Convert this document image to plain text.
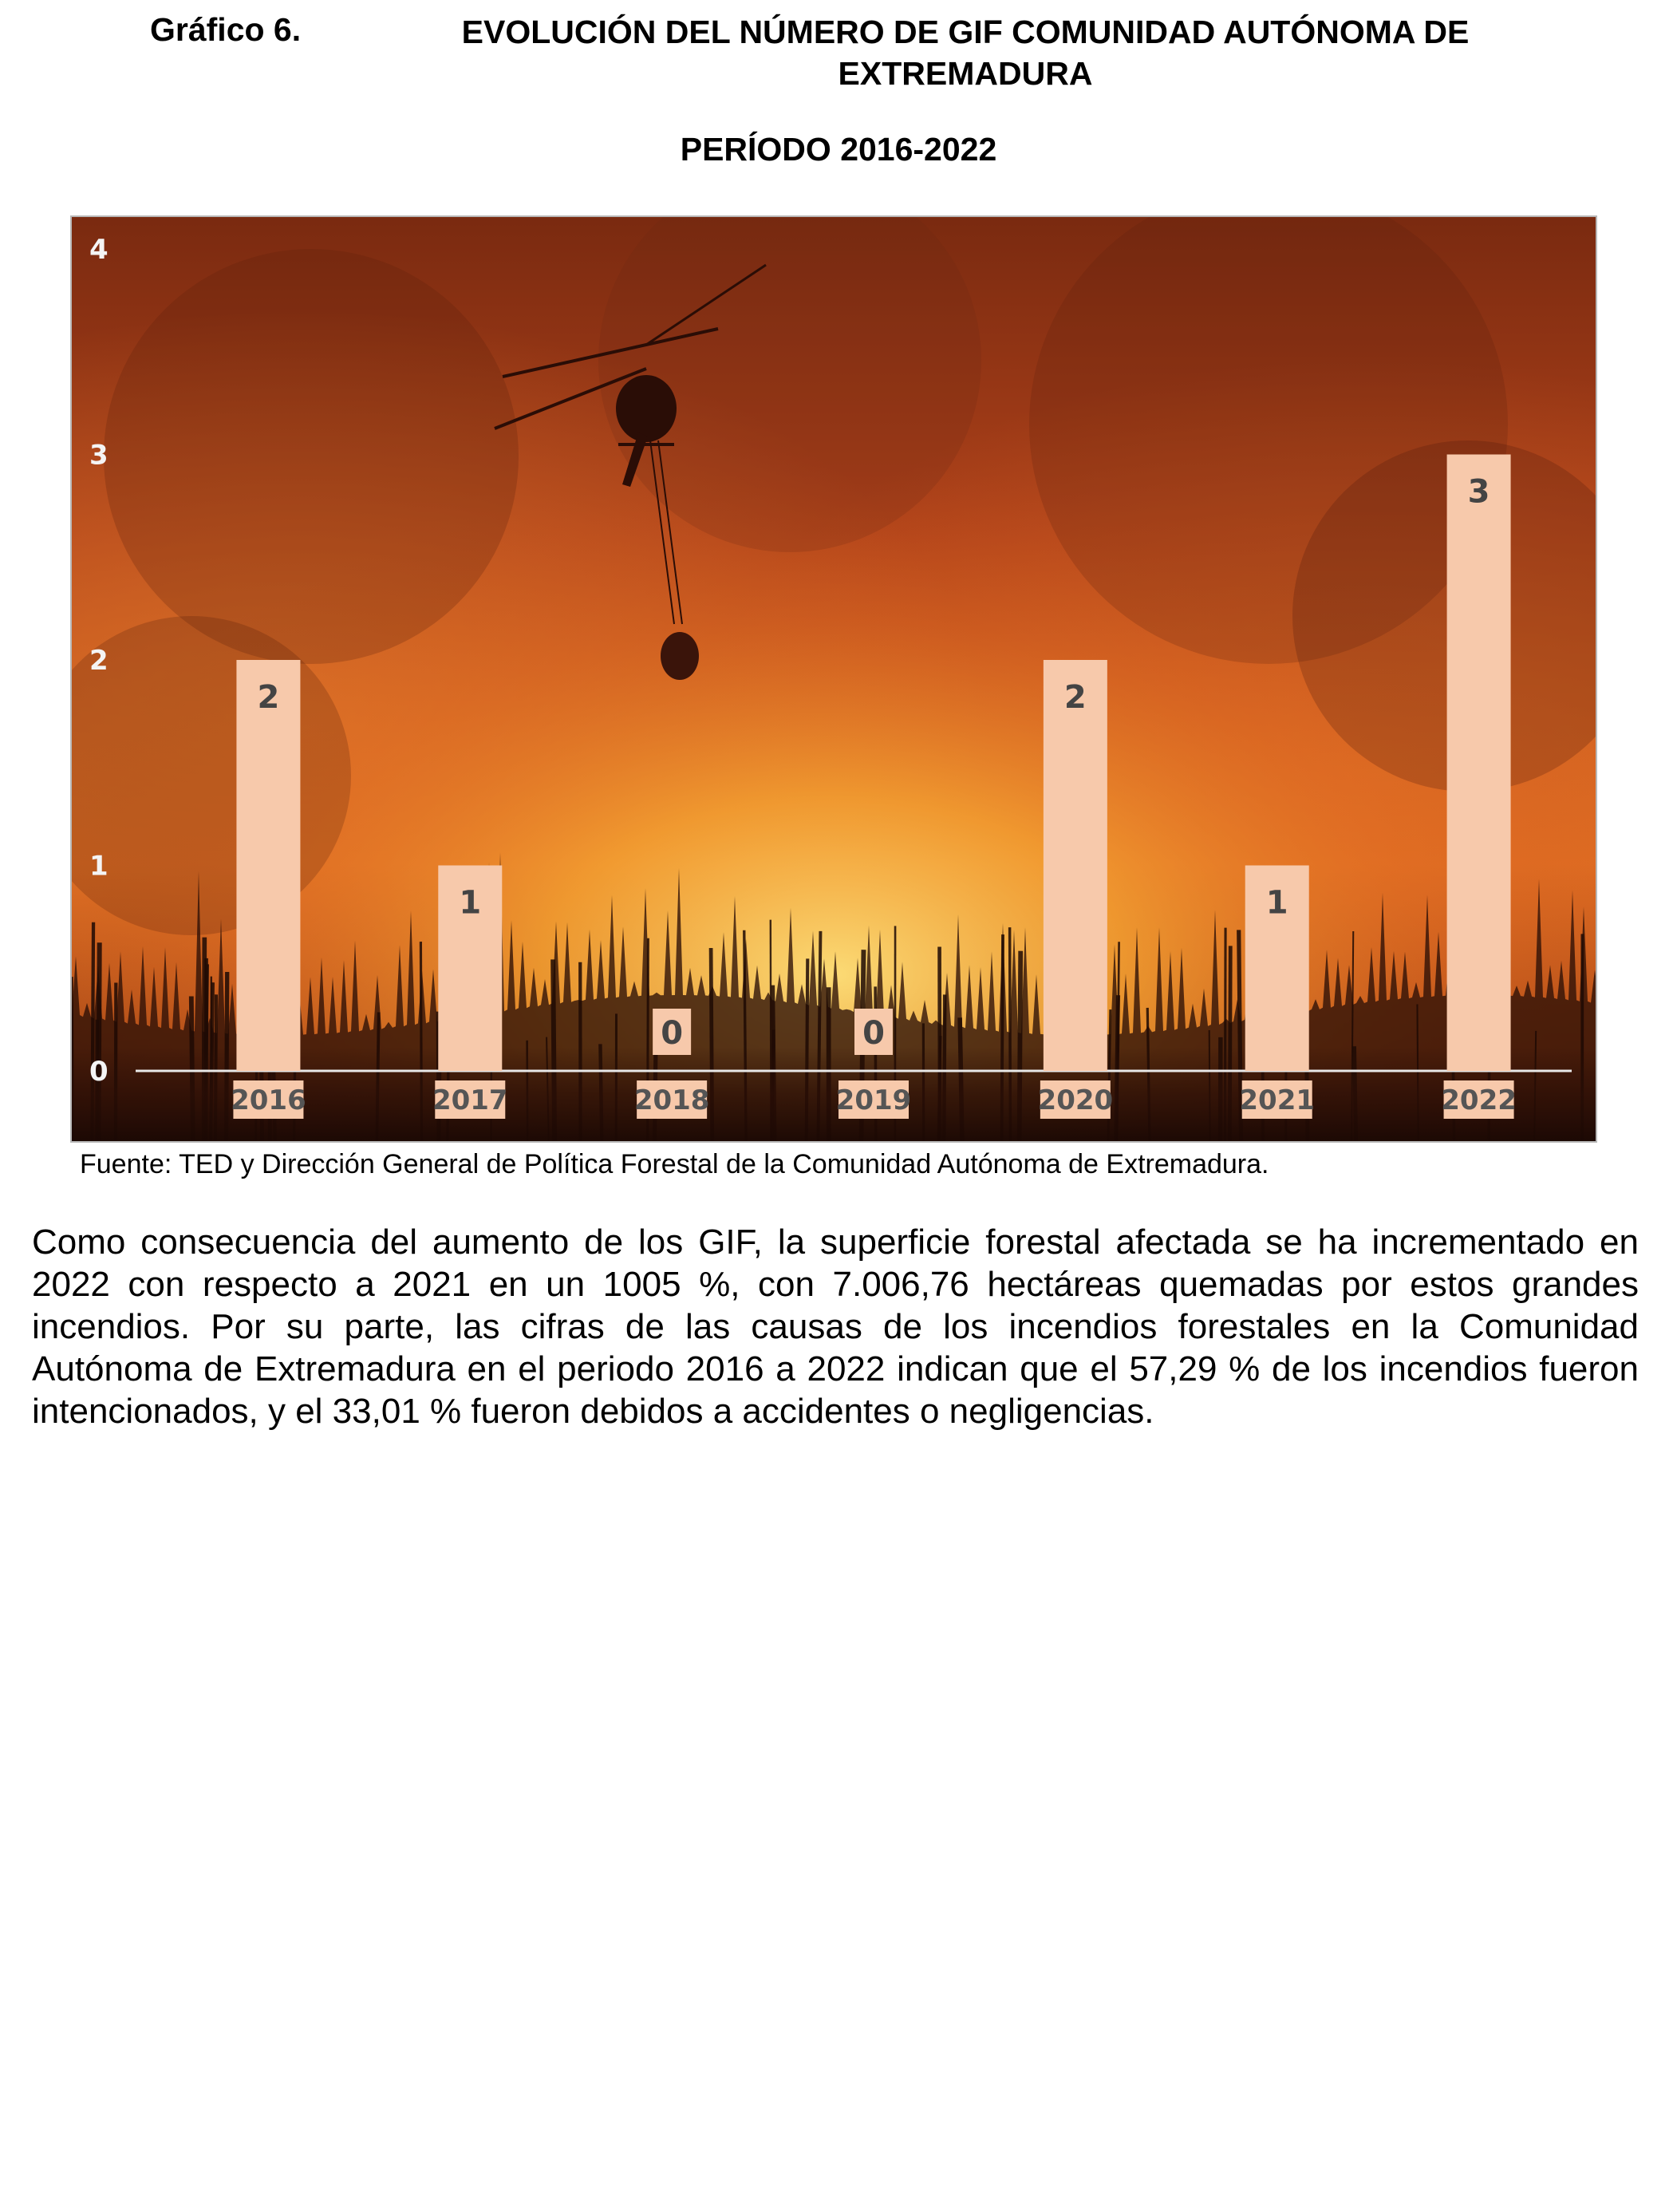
Gráfico 6.	EVOLUCIÓN DEL NÚMERO DE GIF COMUNIDAD AUTÓNOMA DE EXTREMADURA
PERÍODO 2016-2022
0
1
2
3
4
2
2016
1
2017
0
2018
0
2019
2
2020
1
2021
3
2022
Fuente: TED y Dirección General de Política Forestal de la Comunidad Autónoma de Extremadura.

Como consecuencia del aumento de los GIF, la superficie forestal afectada se ha incrementado en 2022 con respecto a 2021 en un 1005 %, con 7.006,76 hectáreas quemadas por estos grandes incendios. Por su parte, las cifras de las causas de los incendios forestales en la Comunidad Autónoma de Extremadura en el periodo 2016 a 2022 indican que el 57,29 % de los incendios fueron intencionados, y el 33,01 % fueron debidos a accidentes o negligencias.
